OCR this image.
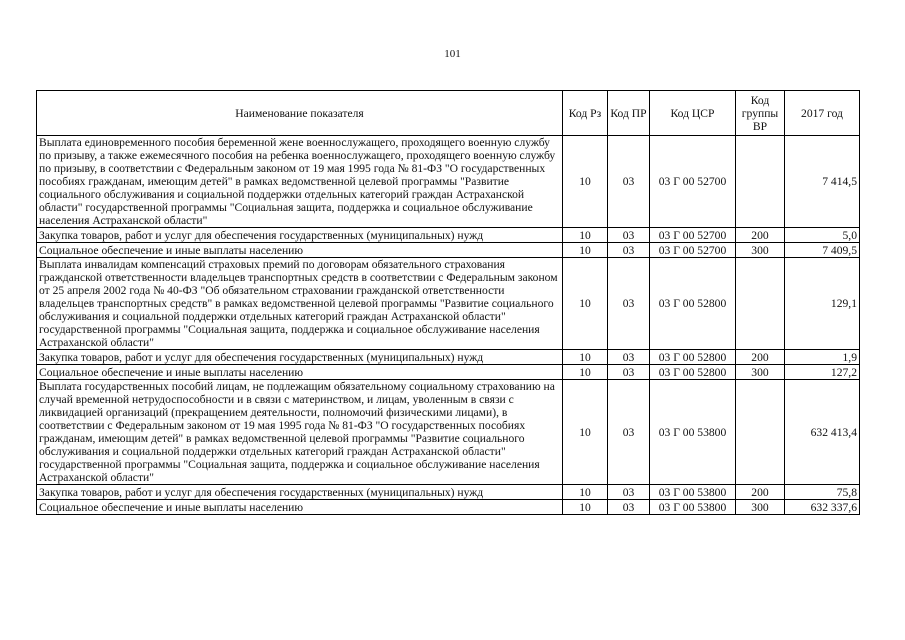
101
Наименование показателя	Код Рз	Код ПР	Код ЦСР	Код группы ВР	2017 год
Выплата единовременного пособия беременной жене военнослужащего, проходящего военную службу по призыву, а также ежемесячного пособия на ребенка военнослужащего, проходящего военную службу по призыву, в соответствии с Федеральным законом от 19 мая 1995 года № 81-ФЗ "О государственных пособиях гражданам, имеющим детей" в рамках ведомственной целевой программы "Развитие социального обслуживания и социальной поддержки отдельных категорий граждан Астраханской области" государственной программы "Социальная защита, поддержка и социальное обслуживание населения Астраханской области"	10	03	03 Г 00 52700		7 414,5
Закупка товаров, работ и услуг для обеспечения государственных (муниципальных) нужд	10	03	03 Г 00 52700	200	5,0
Социальное обеспечение и иные выплаты населению	10	03	03 Г 00 52700	300	7 409,5
Выплата инвалидам компенсаций страховых премий по договорам обязательного страхования гражданской ответственности владельцев транспортных средств в соответствии с Федеральным законом от 25 апреля 2002 года № 40-ФЗ "Об обязательном страховании гражданской ответственности владельцев транспортных средств" в рамках ведомственной целевой программы "Развитие социального обслуживания и социальной поддержки отдельных категорий граждан Астраханской области" государственной программы "Социальная защита, поддержка и социальное обслуживание населения Астраханской области"	10	03	03 Г 00 52800		129,1
Закупка товаров, работ и услуг для обеспечения государственных (муниципальных) нужд	10	03	03 Г 00 52800	200	1,9
Социальное обеспечение и иные выплаты населению	10	03	03 Г 00 52800	300	127,2
Выплата государственных пособий лицам, не подлежащим обязательному социальному страхованию на случай временной нетрудоспособности и в связи с материнством, и лицам, уволенным в связи с ликвидацией организаций (прекращением деятельности, полномочий физическими лицами), в соответствии с Федеральным законом от 19 мая 1995 года № 81-ФЗ "О государственных пособиях гражданам, имеющим детей" в рамках ведомственной целевой программы "Развитие социального обслуживания и социальной поддержки отдельных категорий граждан Астраханской области" государственной программы "Социальная защита, поддержка и социальное обслуживание населения Астраханской области"	10	03	03 Г 00 53800		632 413,4
Закупка товаров, работ и услуг для обеспечения государственных (муниципальных) нужд	10	03	03 Г 00 53800	200	75,8
Социальное обеспечение и иные выплаты населению	10	03	03 Г 00 53800	300	632 337,6
